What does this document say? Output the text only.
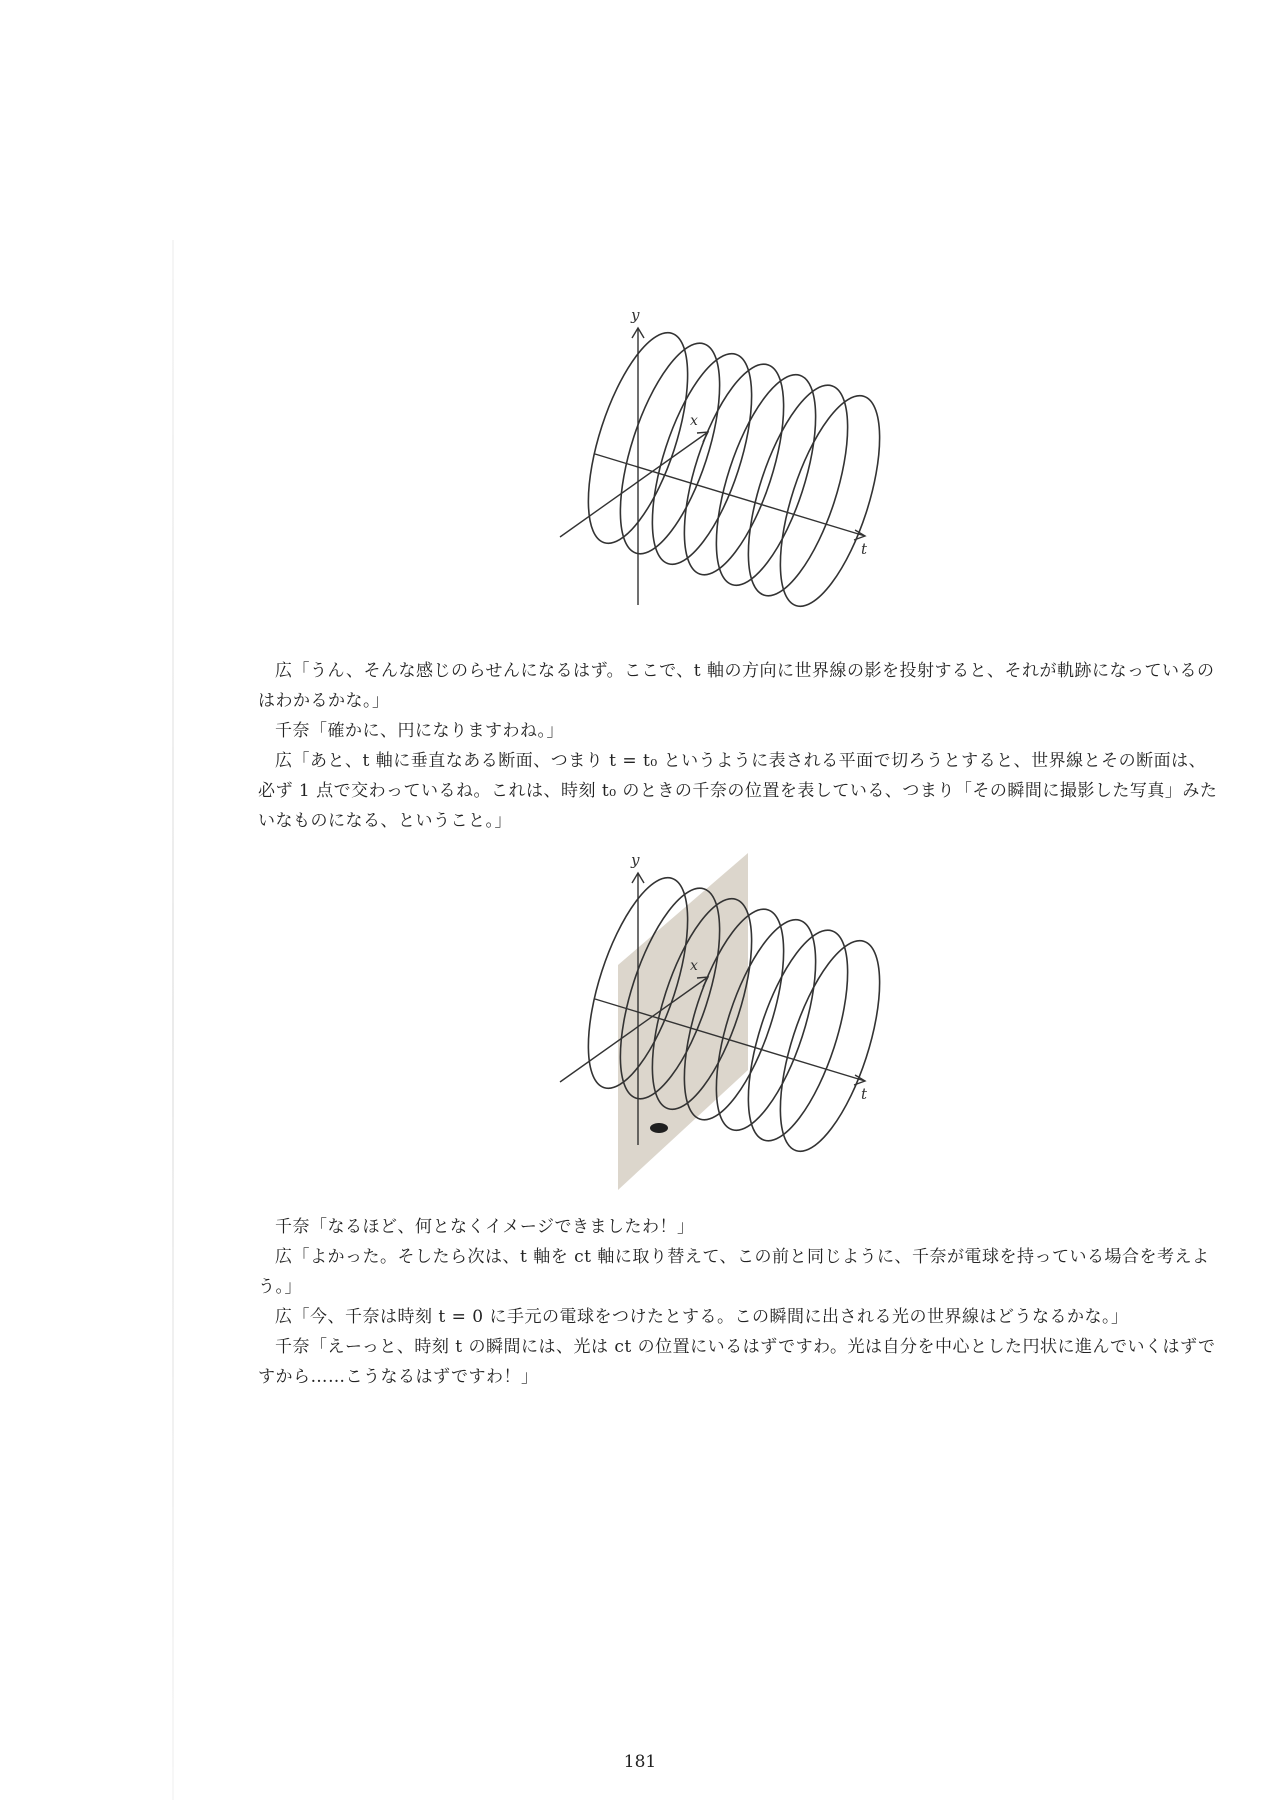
y
x
t

広「うん、そんな感じのらせんになるはず。ここで、t 軸の方向に世界線の影を投射すると、それが軌跡になっているのはわかるかな。」

千奈「確かに、円になりますわね。」

広「あと、t 軸に垂直なある断面、つまり t = t₀ というように表される平面で切ろうとすると、世界線とその断面は、必ず 1 点で交わっているね。これは、時刻 t₀ のときの千奈の位置を表している、つまり「その瞬間に撮影した写真」みたいなものになる、ということ。」

y
x
t

千奈「なるほど、何となくイメージできましたわ！」

広「よかった。そしたら次は、t 軸を ct 軸に取り替えて、この前と同じように、千奈が電球を持っている場合を考えよう。」

広「今、千奈は時刻 t = 0 に手元の電球をつけたとする。この瞬間に出される光の世界線はどうなるかな。」

千奈「えーっと、時刻 t の瞬間には、光は ct の位置にいるはずですわ。光は自分を中心とした円状に進んでいくはずですから……こうなるはずですわ！」

181
